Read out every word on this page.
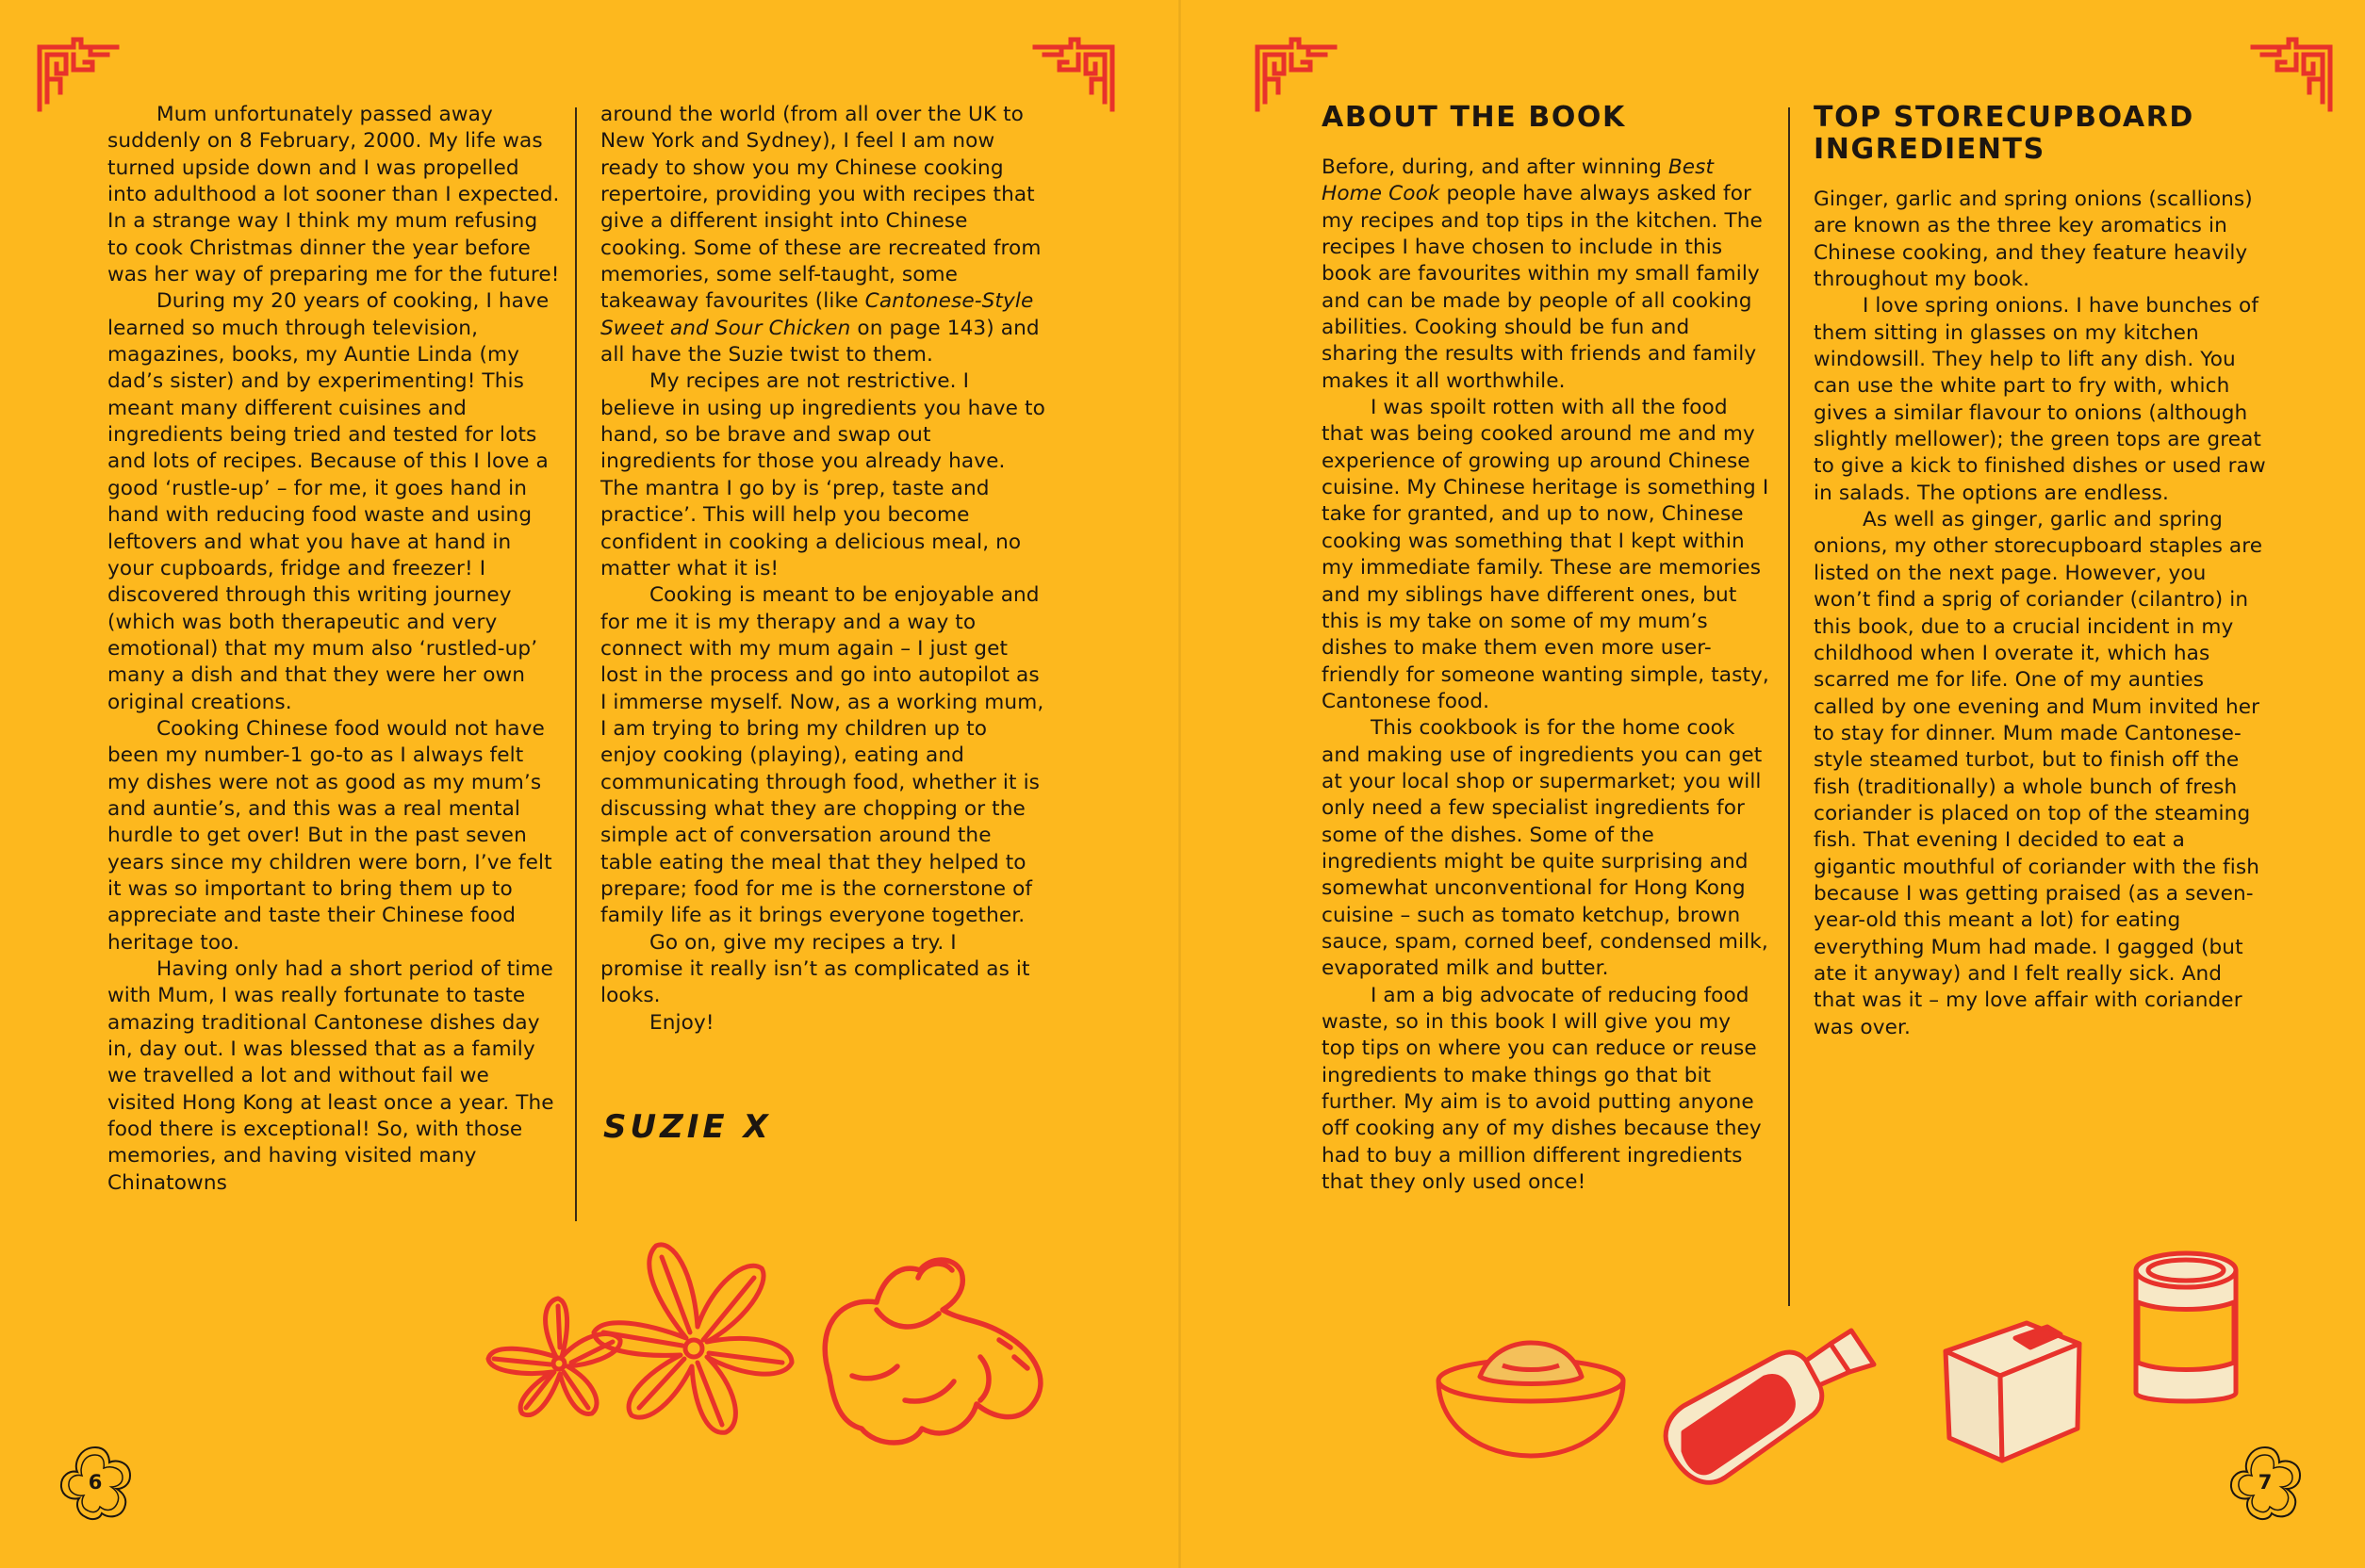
Mum unfortunately passed away suddenly on 8 February, 2000. My life was turned upside down and I was propelled into adulthood a lot sooner than I expected. In a strange way I think my mum refusing to cook Christmas dinner the year before was her way of preparing me for the future!

During my 20 years of cooking, I have learned so much through television, magazines, books, my Auntie Linda (my dad’s sister) and by experimenting! This meant many different cuisines and ingredients being tried and tested for lots and lots of recipes. Because of this I love a good ‘rustle-up’ – for me, it goes hand in hand with reducing food waste and using leftovers and what you have at hand in your cupboards, fridge and freezer! I discovered through this writing journey (which was both therapeutic and very emotional) that my mum also ‘rustled-up’ many a dish and that they were her own original creations.

Cooking Chinese food would not have been my number-1 go-to as I always felt my dishes were not as good as my mum’s and auntie’s, and this was a real mental hurdle to get over! But in the past seven years since my children were born, I’ve felt it was so important to bring them up to appreciate and taste their Chinese food heritage too.

Having only had a short period of time with Mum, I was really fortunate to taste amazing traditional Cantonese dishes day in, day out. I was blessed that as a family we travelled a lot and without fail we visited Hong Kong at least once a year. The food there is exceptional! So, with those memories, and having visited many Chinatowns

around the world (from all over the UK to New York and Sydney), I feel I am now ready to show you my Chinese cooking repertoire, providing you with recipes that give a different insight into Chinese cooking. Some of these are recreated from memories, some self-taught, some takeaway favourites (like Cantonese-Style Sweet and Sour Chicken on page 143) and all have the Suzie twist to them.

My recipes are not restrictive. I believe in using up ingredients you have to hand, so be brave and swap out ingredients for those you already have. The mantra I go by is ‘prep, taste and practice’. This will help you become confident in cooking a delicious meal, no matter what it is!

Cooking is meant to be enjoyable and for me it is my therapy and a way to connect with my mum again – I just get lost in the process and go into autopilot as I immerse myself. Now, as a working mum, I am trying to bring my children up to enjoy cooking (playing), eating and communicating through food, whether it is discussing what they are chopping or the simple act of conversation around the table eating the meal that they helped to prepare; food for me is the cornerstone of family life as it brings everyone together.

Go on, give my recipes a try. I promise it really isn’t as complicated as it looks.

Enjoy!

SUZIE X
6
ABOUT THE BOOK

Before, during, and after winning Best Home Cook people have always asked for my recipes and top tips in the kitchen. The recipes I have chosen to include in this book are favourites within my small family and can be made by people of all cooking abilities. Cooking should be fun and sharing the results with friends and family makes it all worthwhile.

I was spoilt rotten with all the food that was being cooked around me and my experience of growing up around Chinese cuisine. My Chinese heritage is something I take for granted, and up to now, Chinese cooking was something that I kept within my immediate family. These are memories and my siblings have different ones, but this is my take on some of my mum’s dishes to make them even more user-friendly for someone wanting simple, tasty, Cantonese food.

This cookbook is for the home cook and making use of ingredients you can get at your local shop or supermarket; you will only need a few specialist ingredients for some of the dishes. Some of the ingredients might be quite surprising and somewhat unconventional for Hong Kong cuisine – such as tomato ketchup, brown sauce, spam, corned beef, condensed milk, evaporated milk and butter.

I am a big advocate of reducing food waste, so in this book I will give you my top tips on where you can reduce or reuse ingredients to make things go that bit further. My aim is to avoid putting anyone off cooking any of my dishes because they had to buy a million different ingredients that they only used once!

TOP STORECUPBOARD INGREDIENTS

Ginger, garlic and spring onions (scallions) are known as the three key aromatics in Chinese cooking, and they feature heavily throughout my book.

I love spring onions. I have bunches of them sitting in glasses on my kitchen windowsill. They help to lift any dish. You can use the white part to fry with, which gives a similar flavour to onions (although slightly mellower); the green tops are great to give a kick to finished dishes or used raw in salads. The options are endless.

As well as ginger, garlic and spring onions, my other storecupboard staples are listed on the next page. However, you won’t find a sprig of coriander (cilantro) in this book, due to a crucial incident in my childhood when I overate it, which has scarred me for life. One of my aunties called by one evening and Mum invited her to stay for dinner. Mum made Cantonese-style steamed turbot, but to finish off the fish (traditionally) a whole bunch of fresh coriander is placed on top of the steaming fish. That evening I decided to eat a gigantic mouthful of coriander with the fish because I was getting praised (as a seven-year-old this meant a lot) for eating everything Mum had made. I gagged (but ate it anyway) and I felt really sick. And that was it – my love affair with coriander was over.

7
